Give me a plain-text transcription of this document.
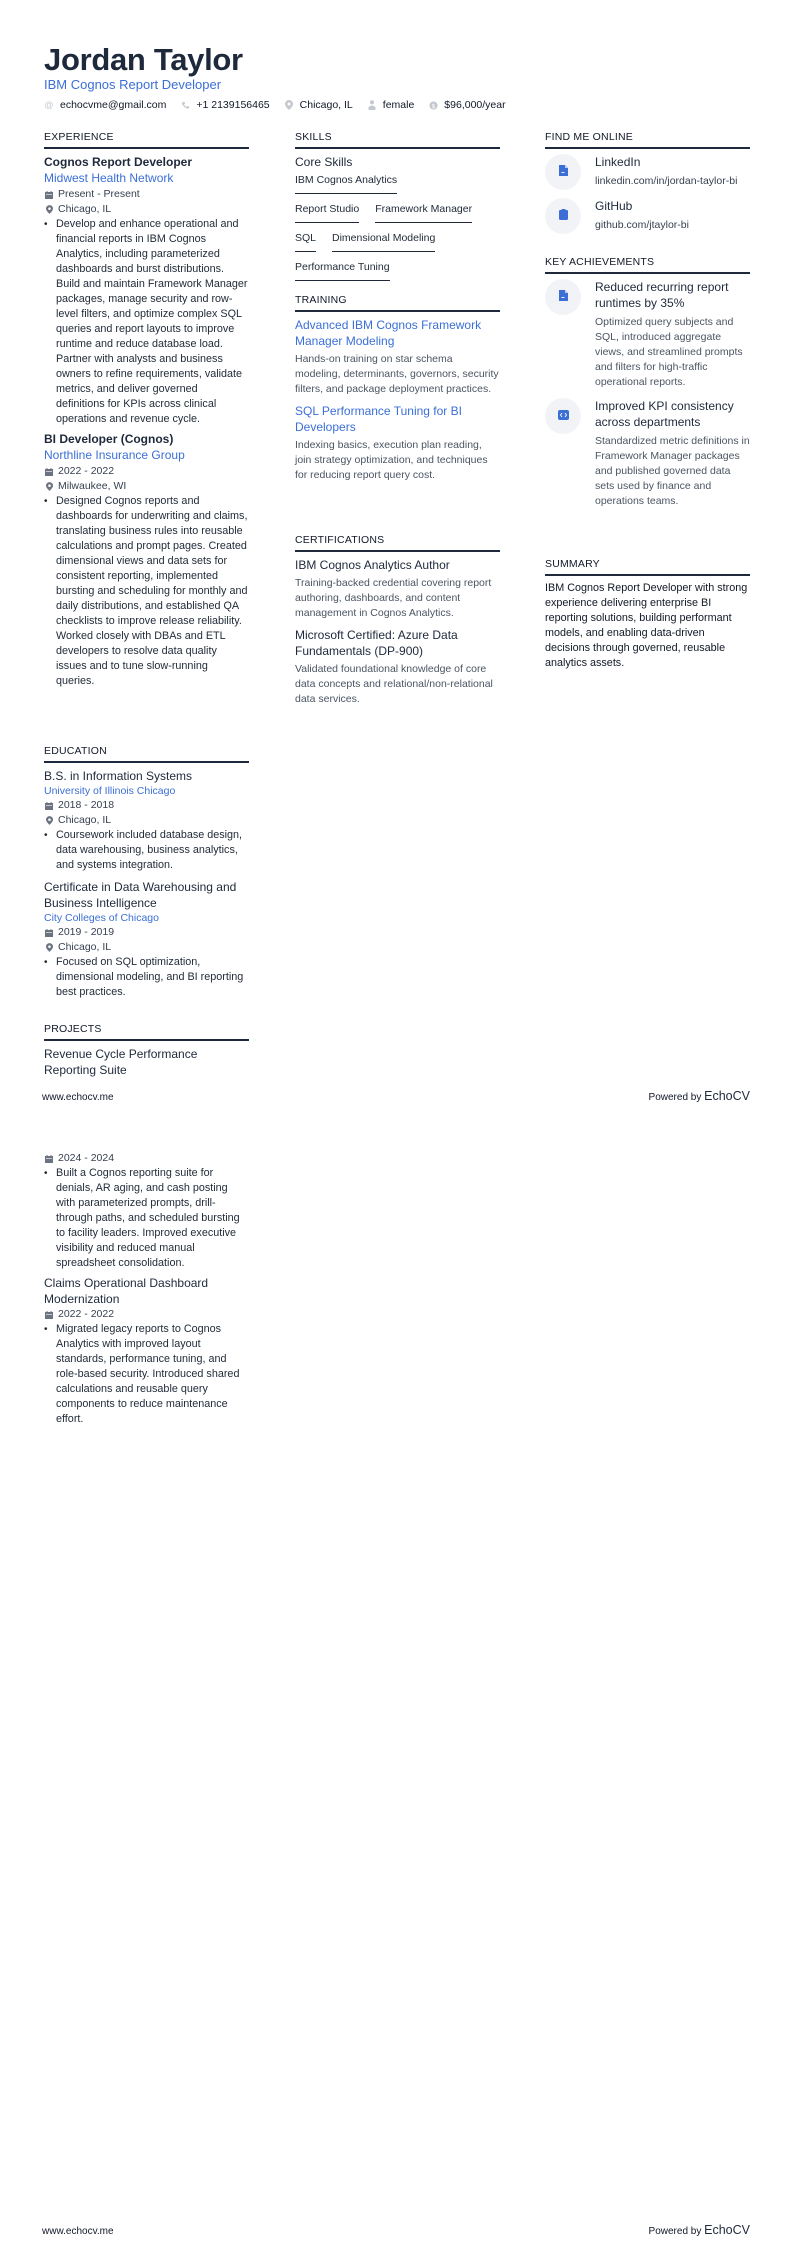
Jordan Taylor
IBM Cognos Report Developer
@ echocvme@gmail.com	+1 2139156465	Chicago, IL	female $ $96,000/year
EXPERIENCE
Cognos Report Developer
Midwest Health Network
Present - Present
Chicago, IL
• Develop and enhance operational and financial reports in IBM Cognos Analytics, including parameterized dashboards and burst distributions. Build and maintain Framework Manager packages, manage security and row-level filters, and optimize complex SQL queries and report layouts to improve runtime and reduce database load. Partner with analysts and business owners to refine requirements, validate metrics, and deliver governed definitions for KPIs across clinical operations and revenue cycle.
BI Developer (Cognos)
Northline Insurance Group
2022 - 2022
Milwaukee, WI
• Designed Cognos reports and dashboards for underwriting and claims, translating business rules into reusable calculations and prompt pages. Created dimensional views and data sets for consistent reporting, implemented bursting and scheduling for monthly and daily distributions, and established QA checklists to improve release reliability. Worked closely with DBAs and ETL developers to resolve data quality issues and to tune slow-running queries.
EDUCATION
B.S. in Information Systems
University of Illinois Chicago
2018 - 2018
Chicago, IL
• Coursework included database design, data warehousing, business analytics, and systems integration.
Certificate in Data Warehousing and Business Intelligence
City Colleges of Chicago
2019 - 2019
Chicago, IL
• Focused on SQL optimization, dimensional modeling, and BI reporting best practices.
PROJECTS
Revenue Cycle Performance Reporting Suite
www.echocv.me	Powered by EchoCV
2024 - 2024
• Built a Cognos reporting suite for denials, AR aging, and cash posting with parameterized prompts, drill-through paths, and scheduled bursting to facility leaders. Improved executive visibility and reduced manual spreadsheet consolidation.
Claims Operational Dashboard Modernization
2022 - 2022
• Migrated legacy reports to Cognos Analytics with improved layout standards, performance tuning, and role-based security. Introduced shared calculations and reusable query components to reduce maintenance effort.
SKILLS
Core Skills
IBM Cognos Analytics
Report Studio Framework Manager
SQL Dimensional Modeling
Performance Tuning
TRAINING
Advanced IBM Cognos Framework Manager Modeling
Hands-on training on star schema modeling, determinants, governors, security filters, and package deployment practices.
SQL Performance Tuning for BI Developers
Indexing basics, execution plan reading, join strategy optimization, and techniques for reducing report query cost.
CERTIFICATIONS
IBM Cognos Analytics Author
Training-backed credential covering report authoring, dashboards, and content management in Cognos Analytics.
Microsoft Certified: Azure Data Fundamentals (DP-900)
Validated foundational knowledge of core data concepts and relational/non-relational data services.
FIND ME ONLINE
LinkedIn
linkedin.com/in/jordan-taylor-bi
GitHub
github.com/jtaylor-bi
KEY ACHIEVEMENTS
Reduced recurring report runtimes by 35%
Optimized query subjects and SQL, introduced aggregate views, and streamlined prompts and filters for high-traffic operational reports.
Improved KPI consistency across departments
Standardized metric definitions in Framework Manager packages and published governed data sets used by finance and operations teams.
SUMMARY
IBM Cognos Report Developer with strong experience delivering enterprise BI reporting solutions, building performant models, and enabling data-driven decisions through governed, reusable analytics assets.
www.echocv.me	Powered by EchoCV
